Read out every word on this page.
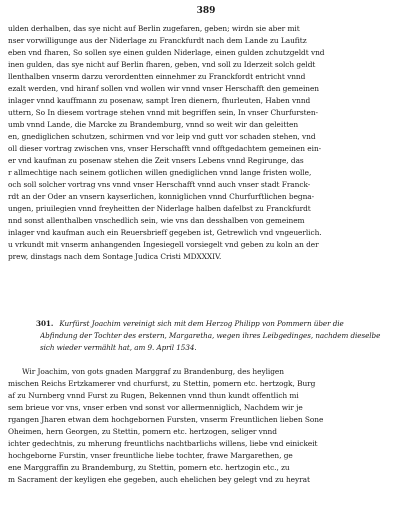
389
ulden derhalben, das sye nicht auf Berlin zugefaren, geben; wirdn sie aber mit
nser vorwilligunge aus der Niderlage zu Franckfurdt nach dem Lande zu Laufitz
eben vnd fharen, So sollen sye einen gulden Niderlage, einen gulden zchutzgeldt vnd
inen gulden, das sye nicht auf Berlin fharen, geben, vnd soll zu Iderzeit solch geldt
llenthalben vnserm darzu verordentten einnehmer zu Franckfordt entricht vnnd
ezalt werden, vnd hiranf sollen vnd wollen wir vnnd vnser Herschafft den gemeinen
inlager vnnd kauffmann zu posenaw, sampt Iren dienern, fhurleuten, Haben vnnd
uttern, So In diesem vortrage stehen vnnd mit begriffen sein, In vnser Churfursten-
umb vnnd Lande, die Marcke zu Brandemburg, vnnd so weit wir dan geleitten
en, gnediglichen schutzen, schirmen vnd vor leip vnd gutt vor schaden stehen, vnd
oll dieser vortrag zwischen vns, vnser Herschafft vnnd offtgedachtem gemeinen ein-
er vnd kaufman zu posenaw stehen die Zeit vnsers Lebens vnnd Regirunge, das
r allmechtige nach seinem gotlichen willen gnediglichen vnnd lange fristen wolle,
och soll solcher vortrag vns vnnd vnser Herschafft vnnd auch vnser stadt Franck-
rdt an der Oder an vnsern kayserlichen, konniglichen vnnd Churfurftlichen begna-
ungen, priuilegien vnnd freyheitten der Niderlage halben dafelbst zu Franckfurdt
nnd sonst allenthalben vnschedlich sein, wie vns dan desshalben von gemeinem
inlager vnd kaufman auch ein Reuersbrieff gegeben ist, Getrewlich vnd vngeuerlich.
u vrkundt mit vnserm anhangenden Ingesiegell vorsiegelt vnd geben zu koln an der
prew, dinstags nach dem Sontage Judica Cristi MDXXXIV.
301. Kurfürst Joachim vereinigt sich mit dem Herzog Philipp von Pommern über die
Abfindung der Tochter des erstern, Margaretha, wegen ihres Leibgedinges, nachdem dieselbe
sich wieder vermählt hat, am 9. April 1534.
Wir Joachim, von gots gnaden Marggraf zu Brandenburg, des heyligen
mischen Reichs Ertzkamerer vnd churfurst, zu Stettin, pomern etc. hertzogk, Burg
af zu Nurnberg vnnd Furst zu Rugen, Bekennen vnnd thun kundt offentlich mi
sem brieue vor vns, vnser erben vnd sonst vor allermenniglich, Nachdem wir je
rgangen Jharen etwan dem hochgebornen Fursten, vnserm Freuntlichen lieben Sone
Oheimen, hern Georgen, zu Stettin, pomern etc. hertzogen, seliger vnnd
ichter gedechtnis, zu mherung freuntlichs nachtbarlichs willens, liebe vnd einickeit
hochgeborne Furstin, vnser freuntliche liebe tochter, frawe Margarethen, ge
ene Marggraffin zu Brandemburg, zu Stettin, pomern etc. hertzogin etc., zu
m Sacrament der keyligen ehe gegeben, auch ehelichen bey gelegt vnd zu heyrat
